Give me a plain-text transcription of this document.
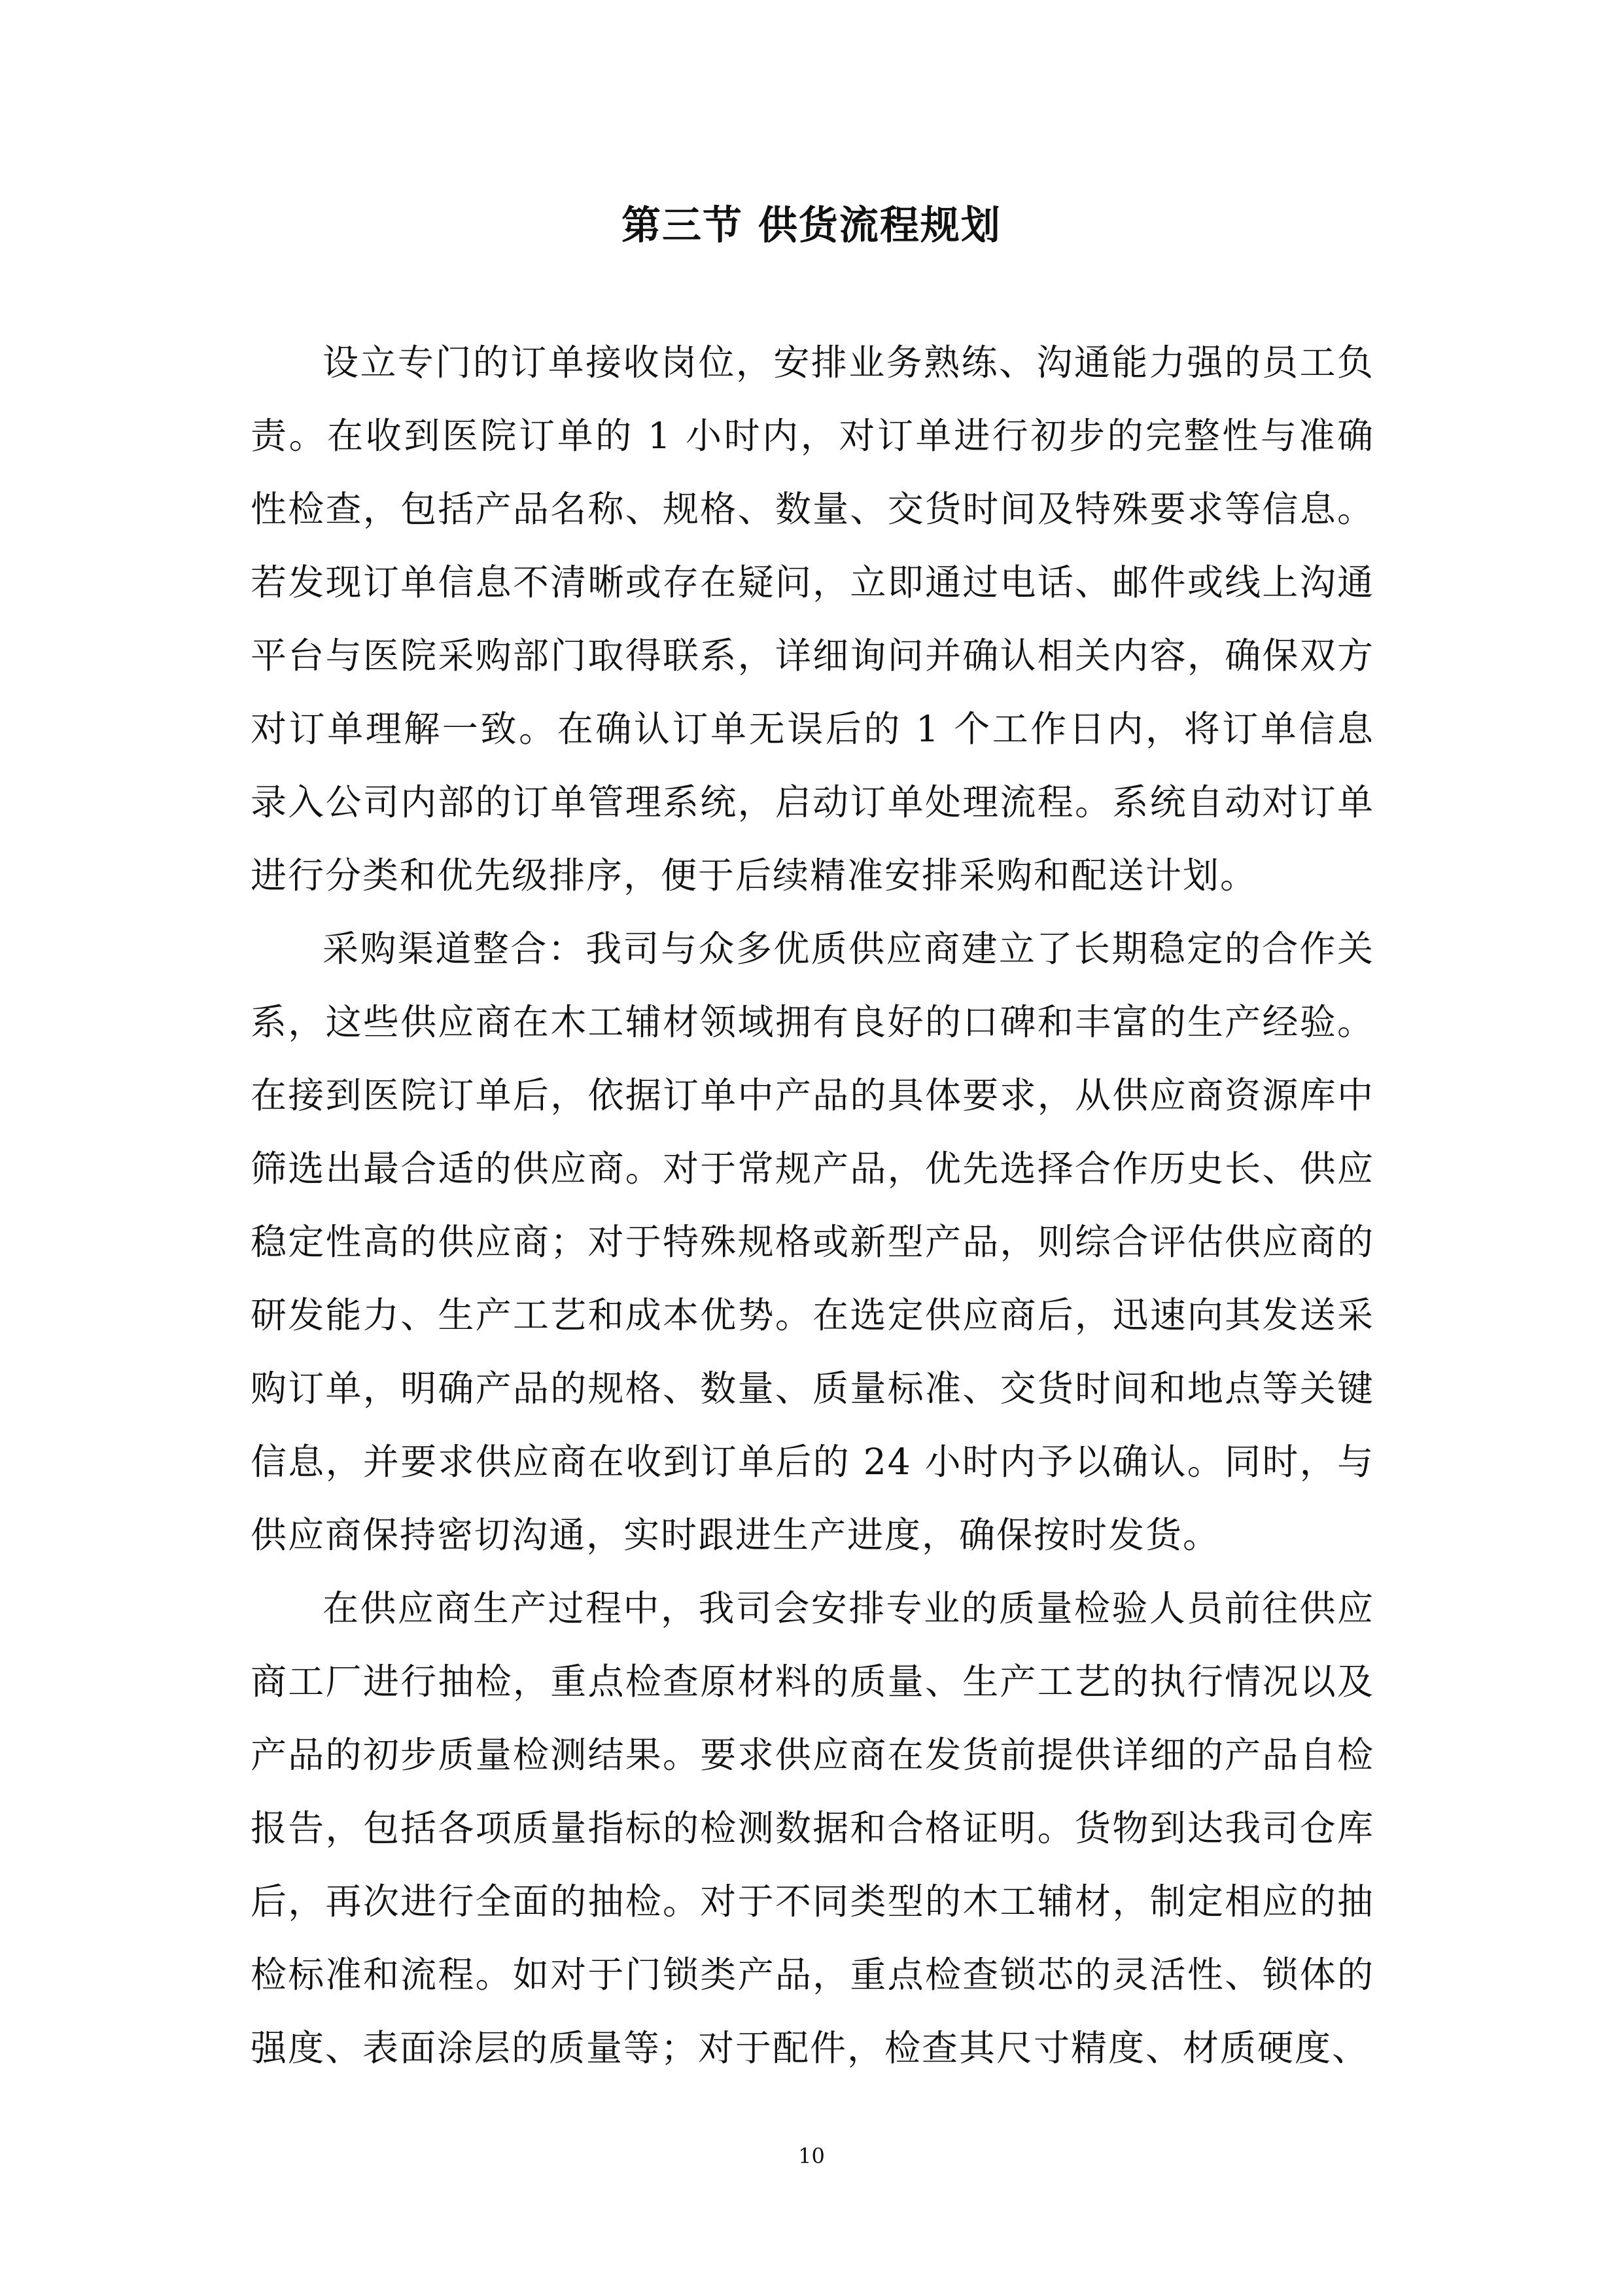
第三节 供货流程规划

设立专门的订单接收岗位，安排业务熟练、沟通能力强的员工负责。在收到医院订单的 1 小时内，对订单进行初步的完整性与准确性检查，包括产品名称、规格、数量、交货时间及特殊要求等信息。若发现订单信息不清晰或存在疑问，立即通过电话、邮件或线上沟通平台与医院采购部门取得联系，详细询问并确认相关内容，确保双方对订单理解一致。在确认订单无误后的 1 个工作日内，将订单信息录入公司内部的订单管理系统，启动订单处理流程。系统自动对订单进行分类和优先级排序，便于后续精准安排采购和配送计划。

采购渠道整合：我司与众多优质供应商建立了长期稳定的合作关系，这些供应商在木工辅材领域拥有良好的口碑和丰富的生产经验。在接到医院订单后，依据订单中产品的具体要求，从供应商资源库中筛选出最合适的供应商。对于常规产品，优先选择合作历史长、供应稳定性高的供应商；对于特殊规格或新型产品，则综合评估供应商的研发能力、生产工艺和成本优势。在选定供应商后，迅速向其发送采购订单，明确产品的规格、数量、质量标准、交货时间和地点等关键信息，并要求供应商在收到订单后的 24 小时内予以确认。同时，与供应商保持密切沟通，实时跟进生产进度，确保按时发货。

在供应商生产过程中，我司会安排专业的质量检验人员前往供应商工厂进行抽检，重点检查原材料的质量、生产工艺的执行情况以及产品的初步质量检测结果。要求供应商在发货前提供详细的产品自检报告，包括各项质量指标的检测数据和合格证明。货物到达我司仓库后，再次进行全面的抽检。对于不同类型的木工辅材，制定相应的抽检标准和流程。如对于门锁类产品，重点检查锁芯的灵活性、锁体的强度、表面涂层的质量等；对于配件，检查其尺寸精度、材质硬度、

10
